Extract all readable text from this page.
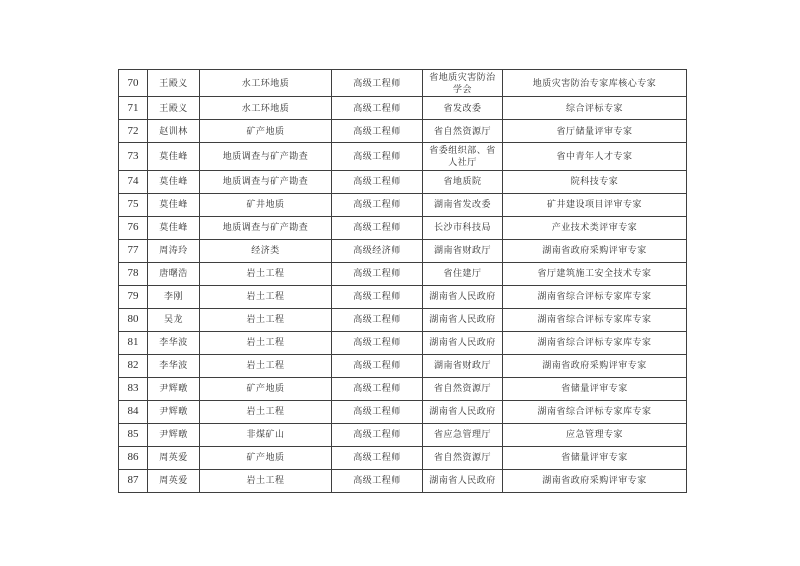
70	王殿义	水工环地质	高级工程师	省地质灾害防治学会	地质灾害防治专家库核心专家
71	王殿义	水工环地质	高级工程师	省发改委	综合评标专家
72	赵训林	矿产地质	高级工程师	省自然资源厅	省厅储量评审专家
73	莫佳峰	地质调查与矿产勘查	高级工程师	省委组织部、省人社厅	省中青年人才专家
74	莫佳峰	地质调查与矿产勘查	高级工程师	省地质院	院科技专家
75	莫佳峰	矿井地质	高级工程师	湖南省发改委	矿井建设项目评审专家
76	莫佳峰	地质调查与矿产勘查	高级工程师	长沙市科技局	产业技术类评审专家
77	周涛玲	经济类	高级经济师	湖南省财政厅	湖南省政府采购评审专家
78	唐曙浩	岩土工程	高级工程师	省住建厅	省厅建筑施工安全技术专家
79	李刚	岩土工程	高级工程师	湖南省人民政府	湖南省综合评标专家库专家
80	吴龙	岩土工程	高级工程师	湖南省人民政府	湖南省综合评标专家库专家
81	李华波	岩土工程	高级工程师	湖南省人民政府	湖南省综合评标专家库专家
82	李华波	岩土工程	高级工程师	湖南省财政厅	湖南省政府采购评审专家
83	尹辉暾	矿产地质	高级工程师	省自然资源厅	省储量评审专家
84	尹辉暾	岩土工程	高级工程师	湖南省人民政府	湖南省综合评标专家库专家
85	尹辉暾	非煤矿山	高级工程师	省应急管理厅	应急管理专家
86	周英爱	矿产地质	高级工程师	省自然资源厅	省储量评审专家
87	周英爱	岩土工程	高级工程师	湖南省人民政府	湖南省政府采购评审专家
